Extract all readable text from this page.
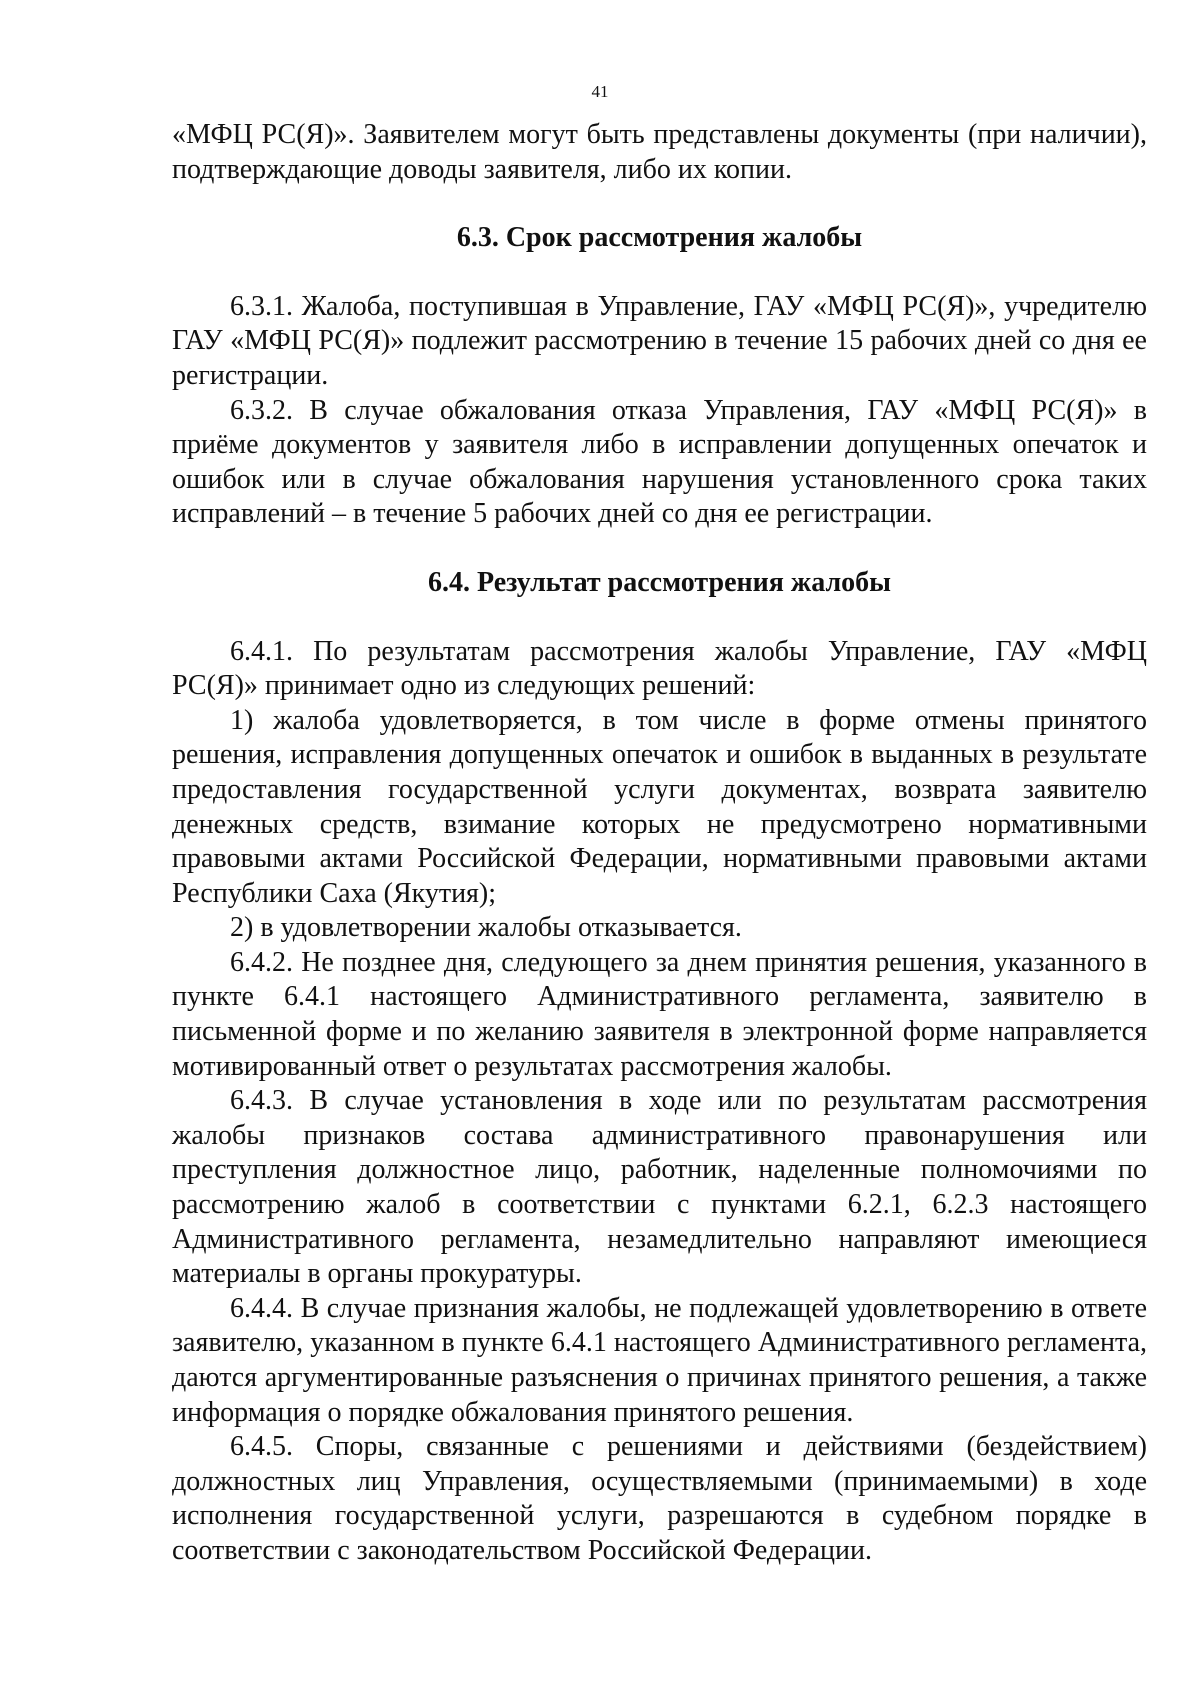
41

«МФЦ РС(Я)». Заявителем могут быть представлены документы (при наличии), подтверждающие доводы заявителя, либо их копии.

6.3. Срок рассмотрения жалобы

6.3.1. Жалоба, поступившая в Управление, ГАУ «МФЦ РС(Я)», учредителю ГАУ «МФЦ РС(Я)» подлежит рассмотрению в течение 15 рабочих дней со дня ее регистрации.

6.3.2. В случае обжалования отказа Управления, ГАУ «МФЦ РС(Я)» в приёме документов у заявителя либо в исправлении допущенных опечаток и ошибок или в случае обжалования нарушения установленного срока таких исправлений – в течение 5 рабочих дней со дня ее регистрации.

6.4. Результат рассмотрения жалобы

6.4.1. По результатам рассмотрения жалобы Управление, ГАУ «МФЦ РС(Я)» принимает одно из следующих решений:

1) жалоба удовлетворяется, в том числе в форме отмены принятого решения, исправления допущенных опечаток и ошибок в выданных в результате предоставления государственной услуги документах, возврата заявителю денежных средств, взимание которых не предусмотрено нормативными правовыми актами Российской Федерации, нормативными правовыми актами Республики Саха (Якутия);

2) в удовлетворении жалобы отказывается.

6.4.2. Не позднее дня, следующего за днем принятия решения, указанного в пункте 6.4.1 настоящего Административного регламента, заявителю в письменной форме и по желанию заявителя в электронной форме направляется мотивированный ответ о результатах рассмотрения жалобы.

6.4.3. В случае установления в ходе или по результатам рассмотрения жалобы признаков состава административного правонарушения или преступления должностное лицо, работник, наделенные полномочиями по рассмотрению жалоб в соответствии с пунктами 6.2.1, 6.2.3 настоящего Административного регламента, незамедлительно направляют имеющиеся материалы в органы прокуратуры.

6.4.4. В случае признания жалобы, не подлежащей удовлетворению в ответе заявителю, указанном в пункте 6.4.1 настоящего Административного регламента, даются аргументированные разъяснения о причинах принятого решения, а также информация о порядке обжалования принятого решения.

6.4.5. Споры, связанные с решениями и действиями (бездействием) должностных лиц Управления, осуществляемыми (принимаемыми) в ходе исполнения государственной услуги, разрешаются в судебном порядке в соответствии с законодательством Российской Федерации.
